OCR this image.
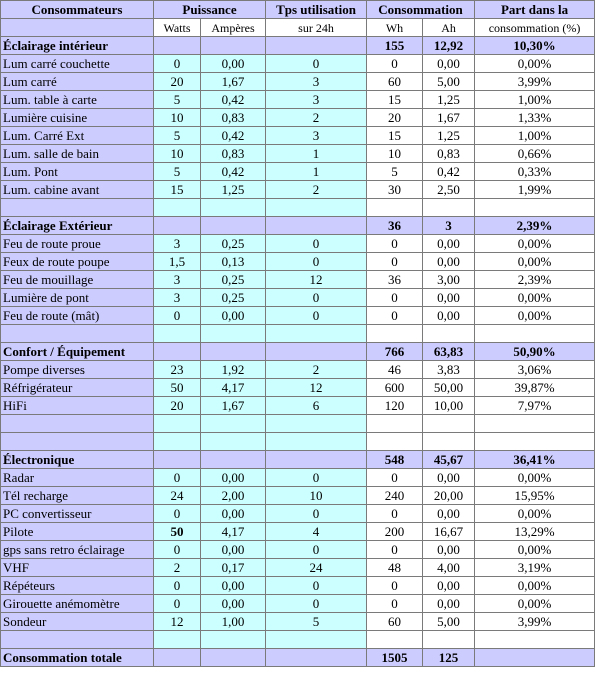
Consommateurs	Puissance		Tps utilisation	Consommation		Part dans la
	Watts	Ampères	sur 24h	Wh	Ah	consommation (%)
Éclairage intérieur				155	12,92	10,30%
Lum carré couchette	0	0,00	0	0	0,00	0,00%
Lum carré	20	1,67	3	60	5,00	3,99%
Lum. table à carte	5	0,42	3	15	1,25	1,00%
Lumière cuisine	10	0,83	2	20	1,67	1,33%
Lum. Carré Ext	5	0,42	3	15	1,25	1,00%
Lum. salle de bain	10	0,83	1	10	0,83	0,66%
Lum. Pont	5	0,42	1	5	0,42	0,33%
Lum. cabine avant	15	1,25	2	30	2,50	1,99%

Éclairage Extérieur				36	3	2,39%
Feu de route proue	3	0,25	0	0	0,00	0,00%
Feux de route poupe	1,5	0,13	0	0	0,00	0,00%
Feu de mouillage	3	0,25	12	36	3,00	2,39%
Lumière de pont	3	0,25	0	0	0,00	0,00%
Feu de route (mât)	0	0,00	0	0	0,00	0,00%

Confort / Équipement				766	63,83	50,90%
Pompe diverses	23	1,92	2	46	3,83	3,06%
Réfrigérateur	50	4,17	12	600	50,00	39,87%
HiFi	20	1,67	6	120	10,00	7,97%

Électronique				548	45,67	36,41%
Radar	0	0,00	0	0	0,00	0,00%
Tél recharge	24	2,00	10	240	20,00	15,95%
PC convertisseur	0	0,00	0	0	0,00	0,00%
Pilote	50	4,17	4	200	16,67	13,29%
gps sans retro éclairage	0	0,00	0	0	0,00	0,00%
VHF	2	0,17	24	48	4,00	3,19%
Répéteurs	0	0,00	0	0	0,00	0,00%
Girouette anémomètre	0	0,00	0	0	0,00	0,00%
Sondeur	12	1,00	5	60	5,00	3,99%

Consommation totale				1505	125	
